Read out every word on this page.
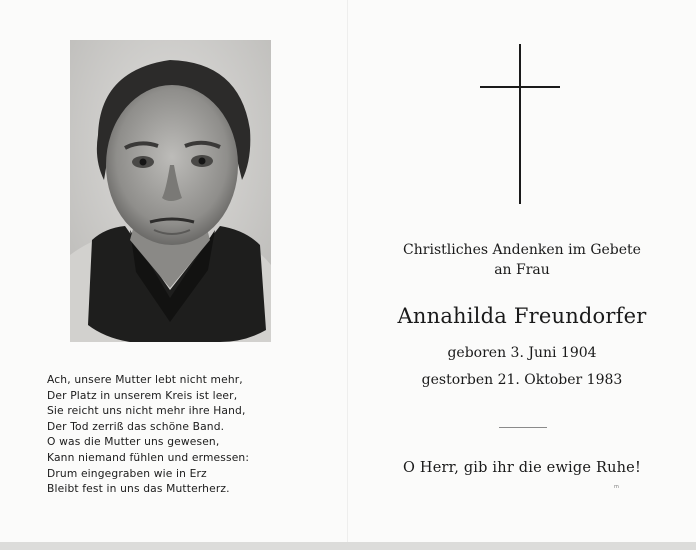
Ach, unsere Mutter lebt nicht mehr,
Der Platz in unserem Kreis ist leer,
Sie reicht uns nicht mehr ihre Hand,
Der Tod zerriß das schöne Band.
O was die Mutter uns gewesen,
Kann niemand fühlen und ermessen:
Drum eingegraben wie in Erz
Bleibt fest in uns das Mutterherz.
Christliches Andenken im Gebete
an Frau
Annahilda Freundorfer
geboren 3. Juni 1904
gestorben 21. Oktober 1983
O Herr, gib ihr die ewige Ruhe!
m
